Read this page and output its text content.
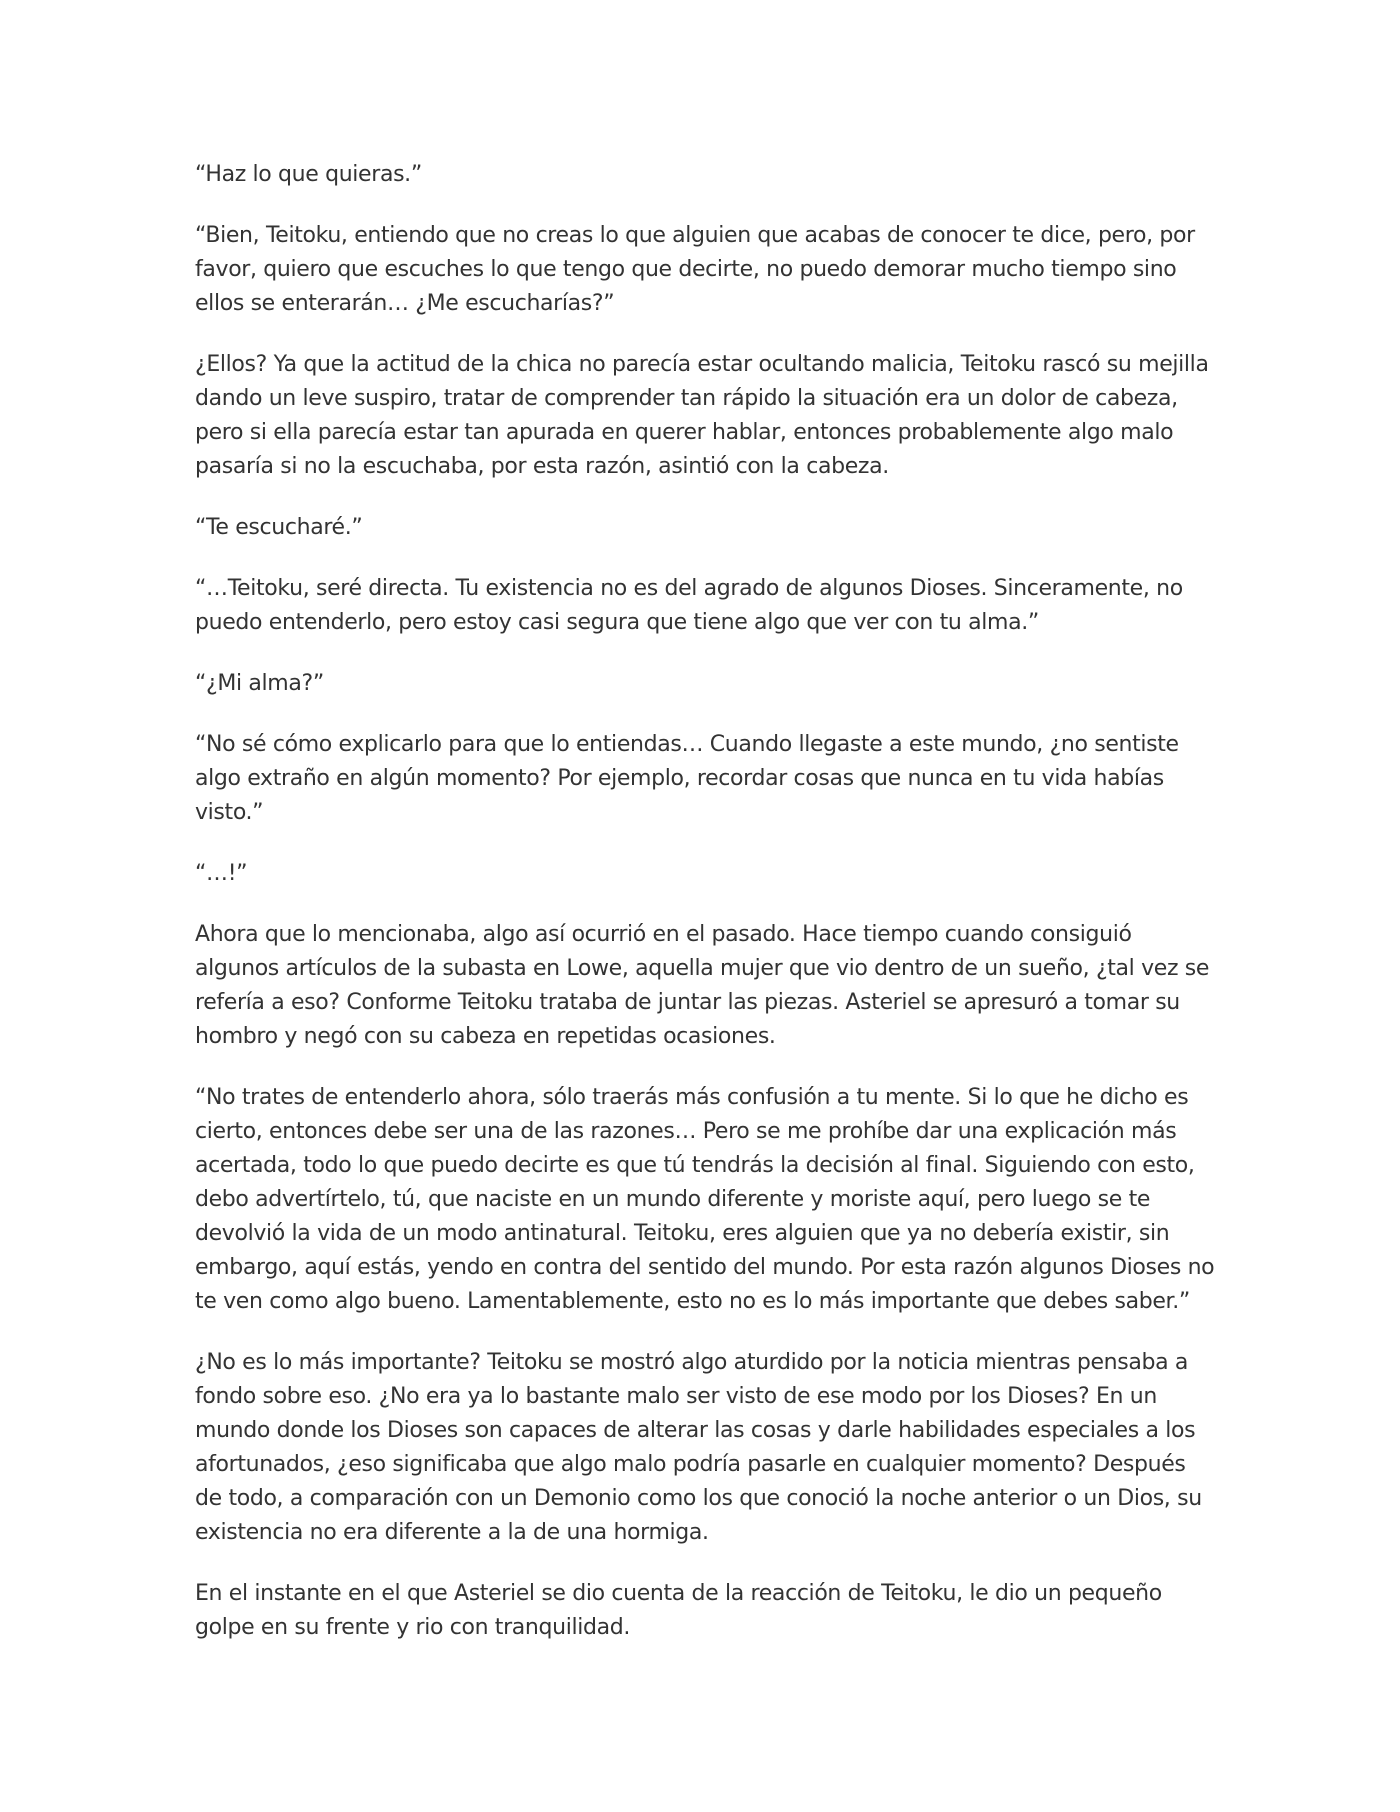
“Haz lo que quieras.”

“Bien, Teitoku, entiendo que no creas lo que alguien que acabas de conocer te dice, pero, por favor, quiero que escuches lo que tengo que decirte, no puedo demorar mucho tiempo sino ellos se enterarán… ¿Me escucharías?”

¿Ellos? Ya que la actitud de la chica no parecía estar ocultando malicia, Teitoku rascó su mejilla dando un leve suspiro, tratar de comprender tan rápido la situación era un dolor de cabeza, pero si ella parecía estar tan apurada en querer hablar, entonces probablemente algo malo pasaría si no la escuchaba, por esta razón, asintió con la cabeza.

“Te escucharé.”

“…Teitoku, seré directa. Tu existencia no es del agrado de algunos Dioses. Sinceramente, no puedo entenderlo, pero estoy casi segura que tiene algo que ver con tu alma.”

“¿Mi alma?”

“No sé cómo explicarlo para que lo entiendas… Cuando llegaste a este mundo, ¿no sentiste algo extraño en algún momento? Por ejemplo, recordar cosas que nunca en tu vida habías visto.”

“…!”

Ahora que lo mencionaba, algo así ocurrió en el pasado. Hace tiempo cuando consiguió algunos artículos de la subasta en Lowe, aquella mujer que vio dentro de un sueño, ¿tal vez se refería a eso? Conforme Teitoku trataba de juntar las piezas. Asteriel se apresuró a tomar su hombro y negó con su cabeza en repetidas ocasiones.

“No trates de entenderlo ahora, sólo traerás más confusión a tu mente. Si lo que he dicho es cierto, entonces debe ser una de las razones… Pero se me prohíbe dar una explicación más acertada, todo lo que puedo decirte es que tú tendrás la decisión al final. Siguiendo con esto, debo advertírtelo, tú, que naciste en un mundo diferente y moriste aquí, pero luego se te devolvió la vida de un modo antinatural. Teitoku, eres alguien que ya no debería existir, sin embargo, aquí estás, yendo en contra del sentido del mundo. Por esta razón algunos Dioses no te ven como algo bueno. Lamentablemente, esto no es lo más importante que debes saber.”

¿No es lo más importante? Teitoku se mostró algo aturdido por la noticia mientras pensaba a fondo sobre eso. ¿No era ya lo bastante malo ser visto de ese modo por los Dioses? En un mundo donde los Dioses son capaces de alterar las cosas y darle habilidades especiales a los afortunados, ¿eso significaba que algo malo podría pasarle en cualquier momento? Después de todo, a comparación con un Demonio como los que conoció la noche anterior o un Dios, su existencia no era diferente a la de una hormiga.

En el instante en el que Asteriel se dio cuenta de la reacción de Teitoku, le dio un pequeño golpe en su frente y rio con tranquilidad.
